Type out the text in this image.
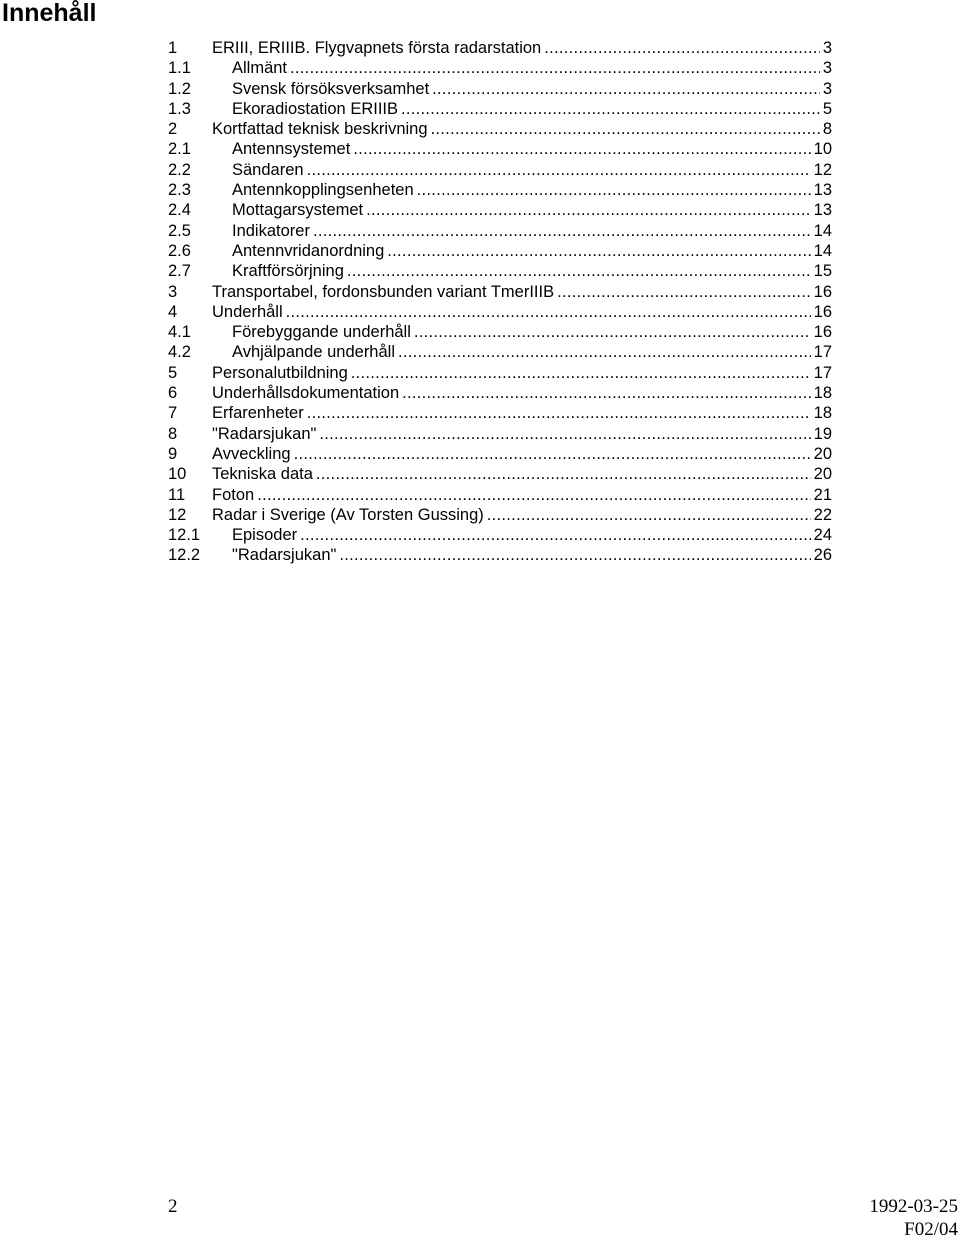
Innehåll
1	ERIII, ERIIIB. Flygvapnets första radarstation .....	3
1.1	Allmänt .....	3
1.2	Svensk försöksverksamhet .....	3
1.3	Ekoradiostation ERIIIB .....	5
2	Kortfattad teknisk beskrivning .....	8
2.1	Antennsystemet .....	10
2.2	Sändaren .....	12
2.3	Antennkopplingsenheten .....	13
2.4	Mottagarsystemet .....	13
2.5	Indikatorer .....	14
2.6	Antennvridanordning .....	14
2.7	Kraftförsörjning .....	15
3	Transportabel, fordonsbunden variant TmerIIIB .....	16
4	Underhåll .....	16
4.1	Förebyggande underhåll .....	16
4.2	Avhjälpande underhåll .....	17
5	Personalutbildning .....	17
6	Underhållsdokumentation .....	18
7	Erfarenheter .....	18
8	"Radarsjukan" .....	19
9	Avveckling .....	20
10	Tekniska data .....	20
11	Foton .....	21
12	Radar i Sverige (Av Torsten Gussing) .....	22
12.1	Episoder .....	24
12.2	"Radarsjukan" .....	26
2	1992-03-25
F02/04
